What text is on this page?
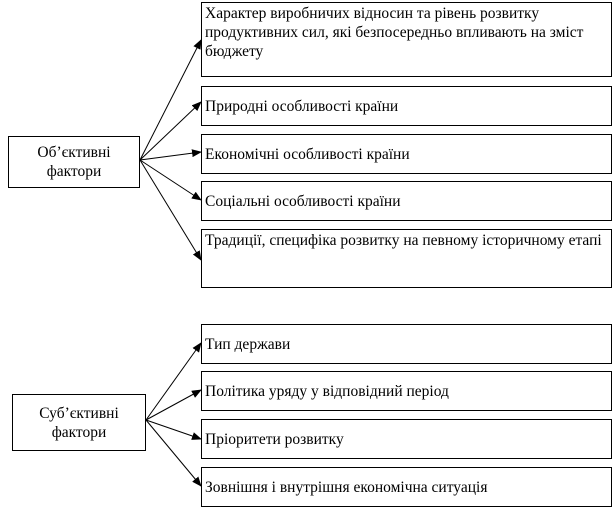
Об’єктивні фактори
Характер виробничих відносин та рівень розвитку продуктивних сил, які безпосередньо впливають на зміст бюджету
Природні особливості країни
Економічні особливості країни
Соціальні особливості країни
Традиції, специфіка розвитку на певному історичному етапі
Суб’єктивні фактори
Тип держави
Політика уряду у відповідний період
Пріоритети розвитку
Зовнішня і внутрішня економічна ситуація
